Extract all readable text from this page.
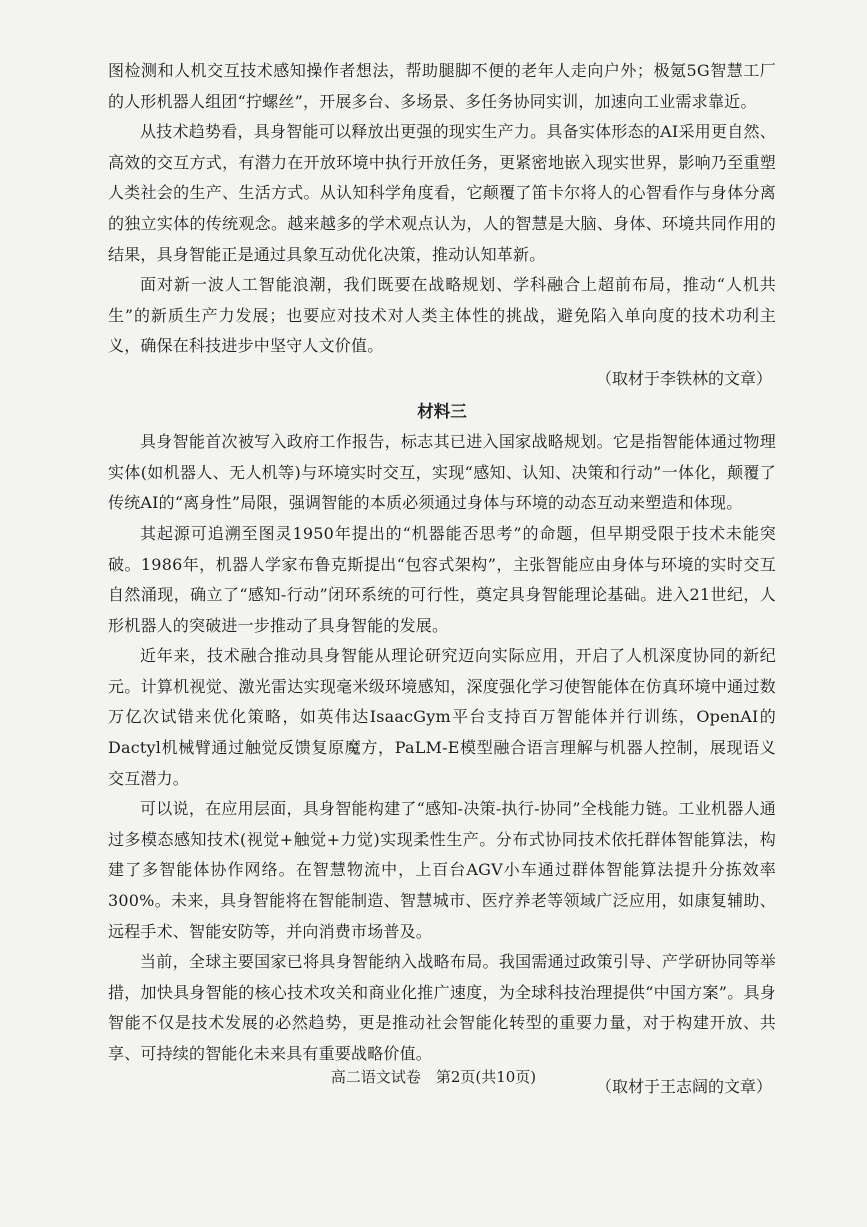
图检测和人机交互技术感知操作者想法，帮助腿脚不便的老年人走向户外；极氪5G智慧工厂的人形机器人组团“拧螺丝”，开展多台、多场景、多任务协同实训，加速向工业需求靠近。

从技术趋势看，具身智能可以释放出更强的现实生产力。具备实体形态的AI采用更自然、高效的交互方式，有潜力在开放环境中执行开放任务，更紧密地嵌入现实世界，影响乃至重塑人类社会的生产、生活方式。从认知科学角度看，它颠覆了笛卡尔将人的心智看作与身体分离的独立实体的传统观念。越来越多的学术观点认为，人的智慧是大脑、身体、环境共同作用的结果，具身智能正是通过具象互动优化决策，推动认知革新。

面对新一波人工智能浪潮，我们既要在战略规划、学科融合上超前布局，推动“人机共生”的新质生产力发展；也要应对技术对人类主体性的挑战，避免陷入单向度的技术功利主义，确保在科技进步中坚守人文价值。

（取材于李铁林的文章）

材料三

具身智能首次被写入政府工作报告，标志其已进入国家战略规划。它是指智能体通过物理实体(如机器人、无人机等)与环境实时交互，实现“感知、认知、决策和行动”一体化，颠覆了传统AI的“离身性”局限，强调智能的本质必须通过身体与环境的动态互动来塑造和体现。

其起源可追溯至图灵1950年提出的“机器能否思考”的命题，但早期受限于技术未能突破。1986年，机器人学家布鲁克斯提出“包容式架构”，主张智能应由身体与环境的实时交互自然涌现，确立了“感知-行动”闭环系统的可行性，奠定具身智能理论基础。进入21世纪，人形机器人的突破进一步推动了具身智能的发展。

近年来，技术融合推动具身智能从理论研究迈向实际应用，开启了人机深度协同的新纪元。计算机视觉、激光雷达实现毫米级环境感知，深度强化学习使智能体在仿真环境中通过数万亿次试错来优化策略，如英伟达IsaacGym平台支持百万智能体并行训练，OpenAI的Dactyl机械臂通过触觉反馈复原魔方，PaLM-E模型融合语言理解与机器人控制，展现语义交互潜力。

可以说，在应用层面，具身智能构建了“感知-决策-执行-协同”全栈能力链。工业机器人通过多模态感知技术(视觉+触觉+力觉)实现柔性生产。分布式协同技术依托群体智能算法，构建了多智能体协作网络。在智慧物流中，上百台AGV小车通过群体智能算法提升分拣效率300%。未来，具身智能将在智能制造、智慧城市、医疗养老等领域广泛应用，如康复辅助、远程手术、智能安防等，并向消费市场普及。

当前，全球主要国家已将具身智能纳入战略布局。我国需通过政策引导、产学研协同等举措，加快具身智能的核心技术攻关和商业化推广速度，为全球科技治理提供“中国方案”。具身智能不仅是技术发展的必然趋势，更是推动社会智能化转型的重要力量，对于构建开放、共享、可持续的智能化未来具有重要战略价值。

（取材于王志阔的文章）

高二语文试卷　第2页(共10页)
